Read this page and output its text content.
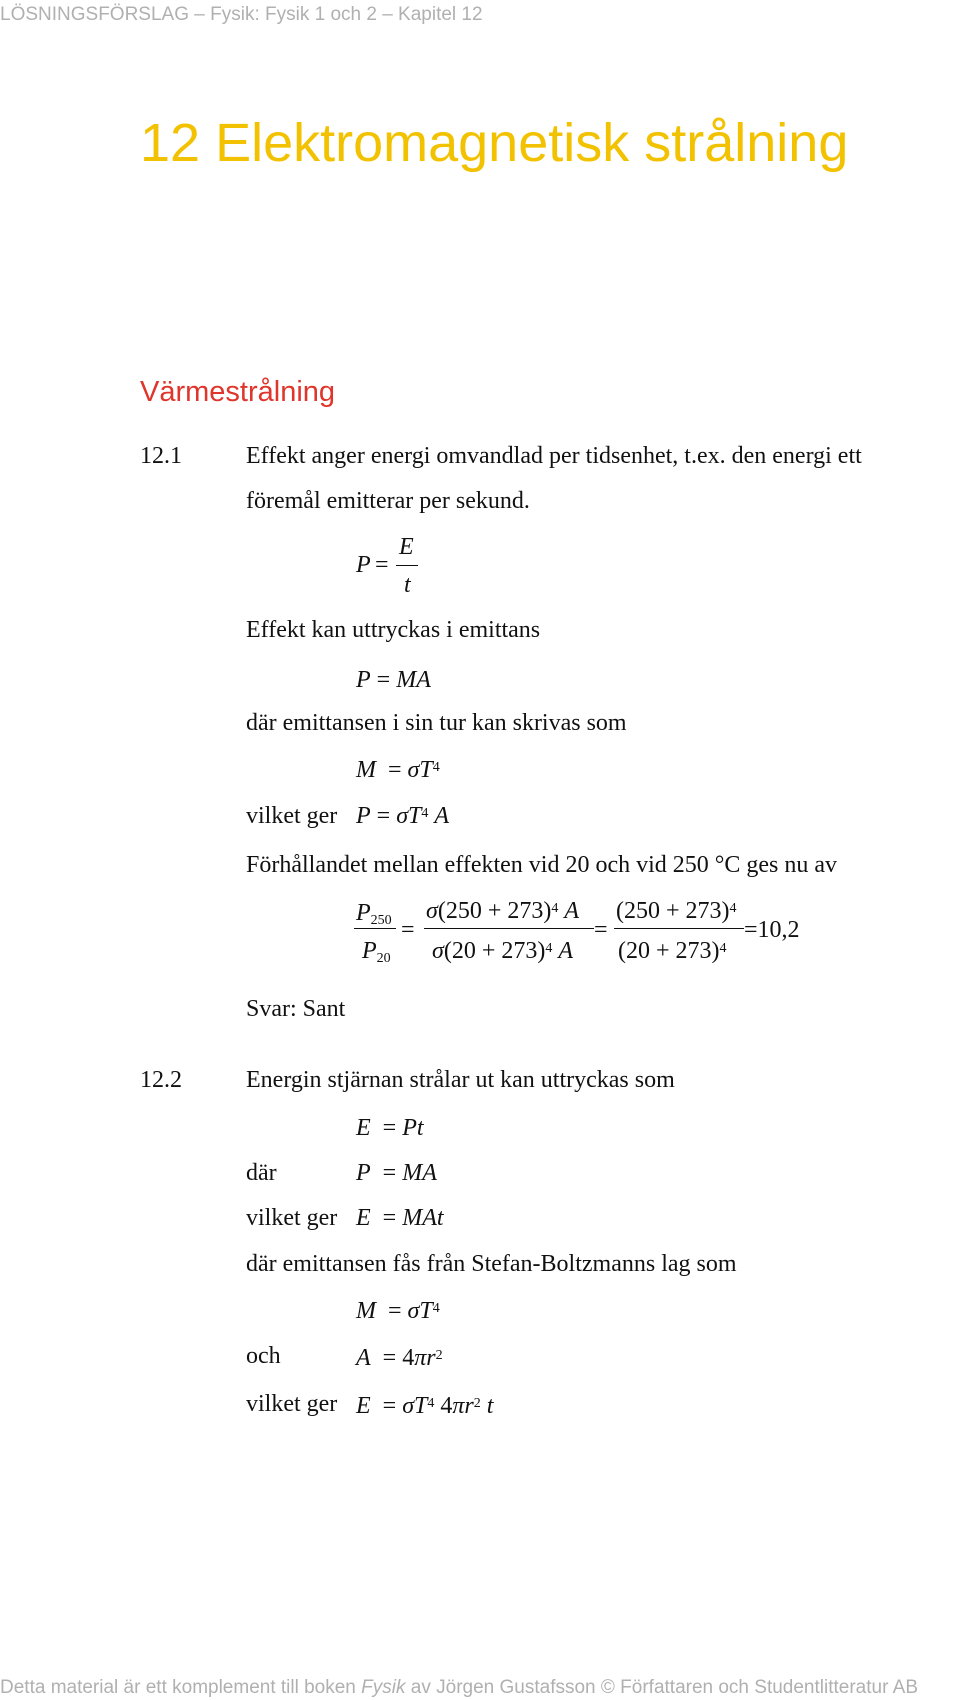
LÖSNINGSFÖRSLAG – Fysik: Fysik 1 och 2 – Kapitel 12
12 Elektromagnetisk strålning
Värmestrålning
12.1	Effekt anger energi omvandlad per tidsenhet, t.ex. den energi ett
föremål emitterar per sekund.
P =
E
t
Effekt kan uttryckas i emittans
P = MA
där emittansen i sin tur kan skrivas som
$M = \sigma T^4$
vilket ger $P = \sigma T^4$ A
Förhållandet mellan effekten vid 20 och vid 250 °C ges nu av
$P_{250}$
$P_{20}$
=
$\sigma(250 + 273)^4$ A
$\sigma(20 + 273)^4$ A
=
$(250 + 273)^4$
$(20 + 273)^4$
=10,2
Svar: Sant
12.2	Energin stjärnan strålar ut kan uttryckas som
E  = Pt
där	P  = MA
vilket ger E  = MAt
där emittansen fås från Stefan-Boltzmanns lag som
$M = \sigma T^4$
och	$A = 4\pi r^2$
vilket ger $E = \sigma T^4$ $4\pi r^2$ t
Detta material är ett komplement till boken Fysik av Jörgen Gustafsson © Författaren och Studentlitteratur AB
